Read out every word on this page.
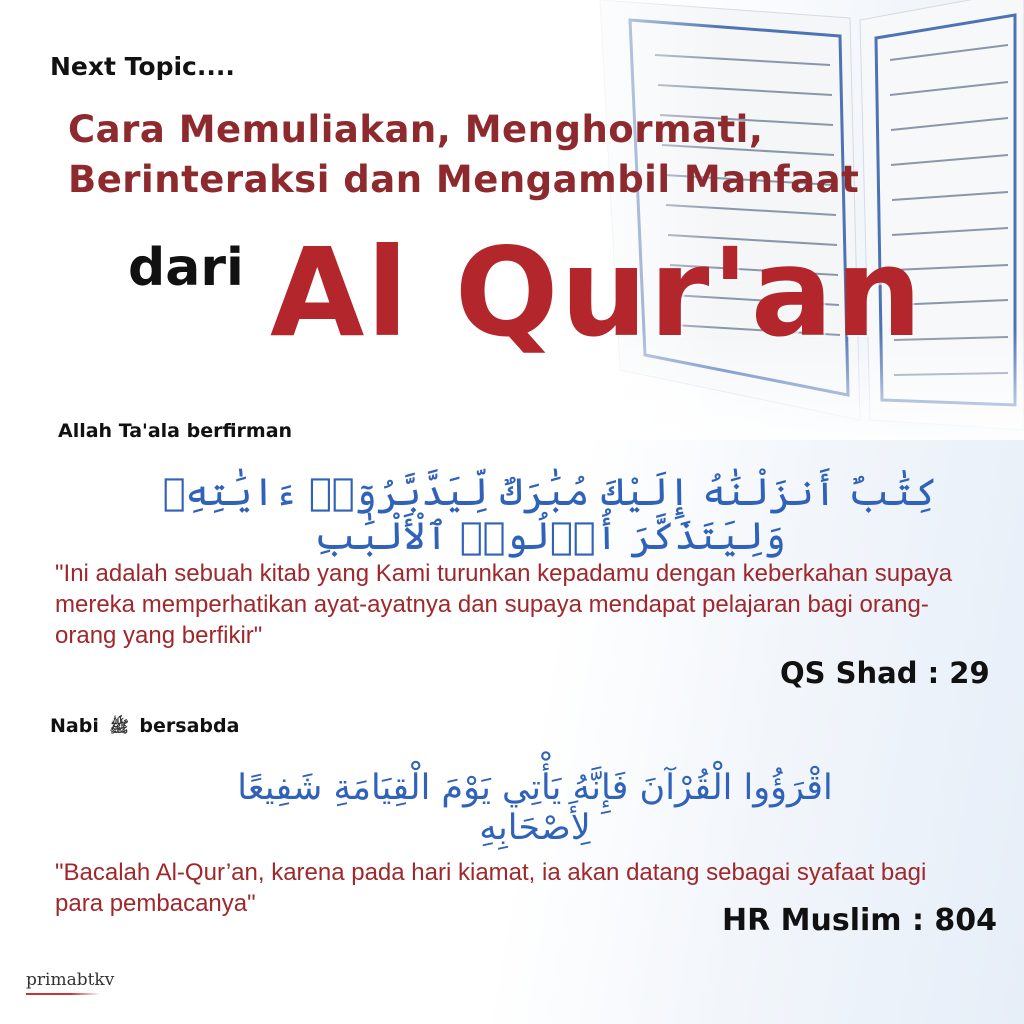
Next Topic....
Cara Memuliakan, Menghormati,
Berinteraksi dan Mengambil Manfaat
dari Al Qur'an
Allah Ta'ala berfirman
كِتَٰبٌ أَنزَلْنَٰهُ إِلَيْكَ مُبَٰرَكٌ لِّيَدَّبَّرُوٓا۟ ءَايَٰتِهِۦ وَلِيَتَذَكَّرَ أُو۟لُوا۟ ٱلْأَلْبَٰبِ
"Ini adalah sebuah kitab yang Kami turunkan kepadamu dengan keberkahan supaya mereka memperhatikan ayat-ayatnya dan supaya mendapat pelajaran bagi orang-orang yang berfikir"
QS Shad : 29
Nabi ﷺ bersabda
اقْرَؤُوا الْقُرْآنَ فَإِنَّهُ يَأْتِي يَوْمَ الْقِيَامَةِ شَفِيعًا لِأَصْحَابِهِ
"Bacalah Al-Qur’an, karena pada hari kiamat, ia akan datang sebagai syafaat bagi para pembacanya"	HR Muslim : 804
primabtkv
